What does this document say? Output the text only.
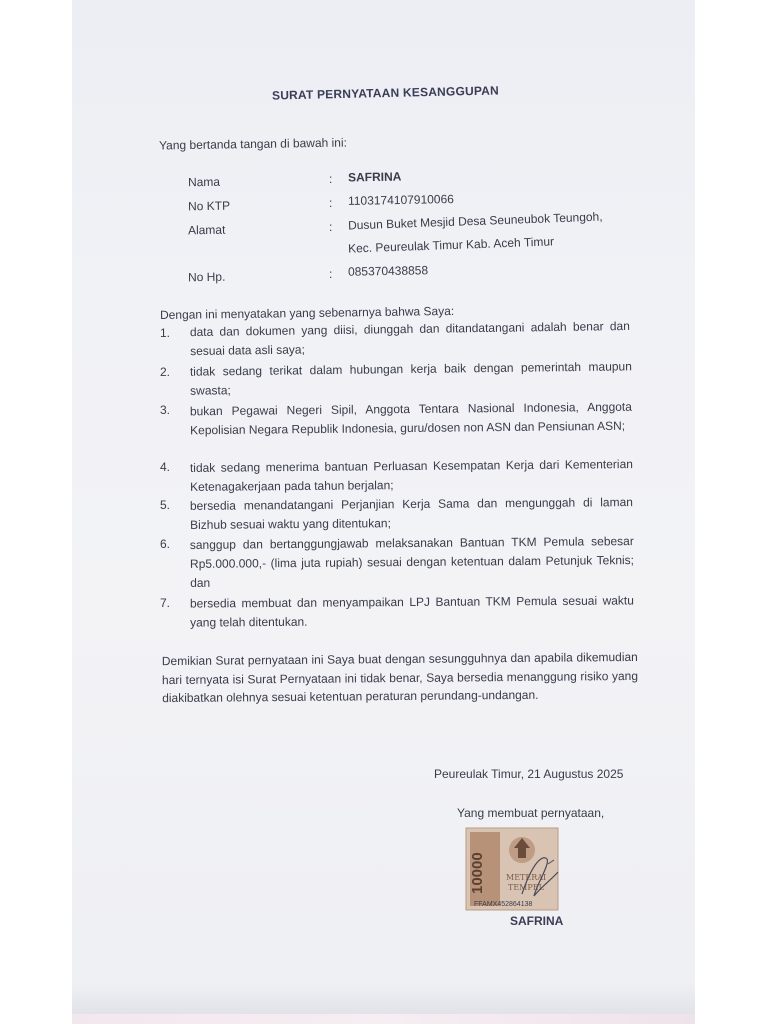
SURAT PERNYATAAN KESANGGUPAN
Yang bertanda tangan di bawah ini:
Nama	: SAFRINA
No KTP	: 1103174107910066
Alamat	: Dusun Buket Mesjid Desa Seuneubok Teungoh,
Kec. Peureulak Timur Kab. Aceh Timur
No Hp.	: 085370438858
Dengan ini menyatakan yang sebenarnya bahwa Saya:
1.	data dan dokumen yang diisi, diunggah dan ditandatangani adalah benar dan sesuai data asli saya;
2.	tidak sedang terikat dalam hubungan kerja baik dengan pemerintah maupun swasta;
3.	bukan Pegawai Negeri Sipil, Anggota Tentara Nasional Indonesia, Anggota Kepolisian Negara Republik Indonesia, guru/dosen non ASN dan Pensiunan ASN;
4.	tidak sedang menerima bantuan Perluasan Kesempatan Kerja dari Kementerian Ketenagakerjaan pada tahun berjalan;
5.	bersedia menandatangani Perjanjian Kerja Sama dan mengunggah di laman Bizhub sesuai waktu yang ditentukan;
6.	sanggup dan bertanggungjawab melaksanakan Bantuan TKM Pemula sebesar Rp5.000.000,- (lima juta rupiah) sesuai dengan ketentuan dalam Petunjuk Teknis; dan
7.	bersedia membuat dan menyampaikan LPJ Bantuan TKM Pemula sesuai waktu yang telah ditentukan.
Demikian Surat pernyataan ini Saya buat dengan sesungguhnya dan apabila dikemudian hari ternyata isi Surat Pernyataan ini tidak benar, Saya bersedia menanggung risiko yang diakibatkan olehnya sesuai ketentuan peraturan perundang-undangan.
Peureulak Timur, 21 Augustus 2025
Yang membuat pernyataan,
10000	METERAI
TEMPEL
FFAMX452864138
SAFRINA
